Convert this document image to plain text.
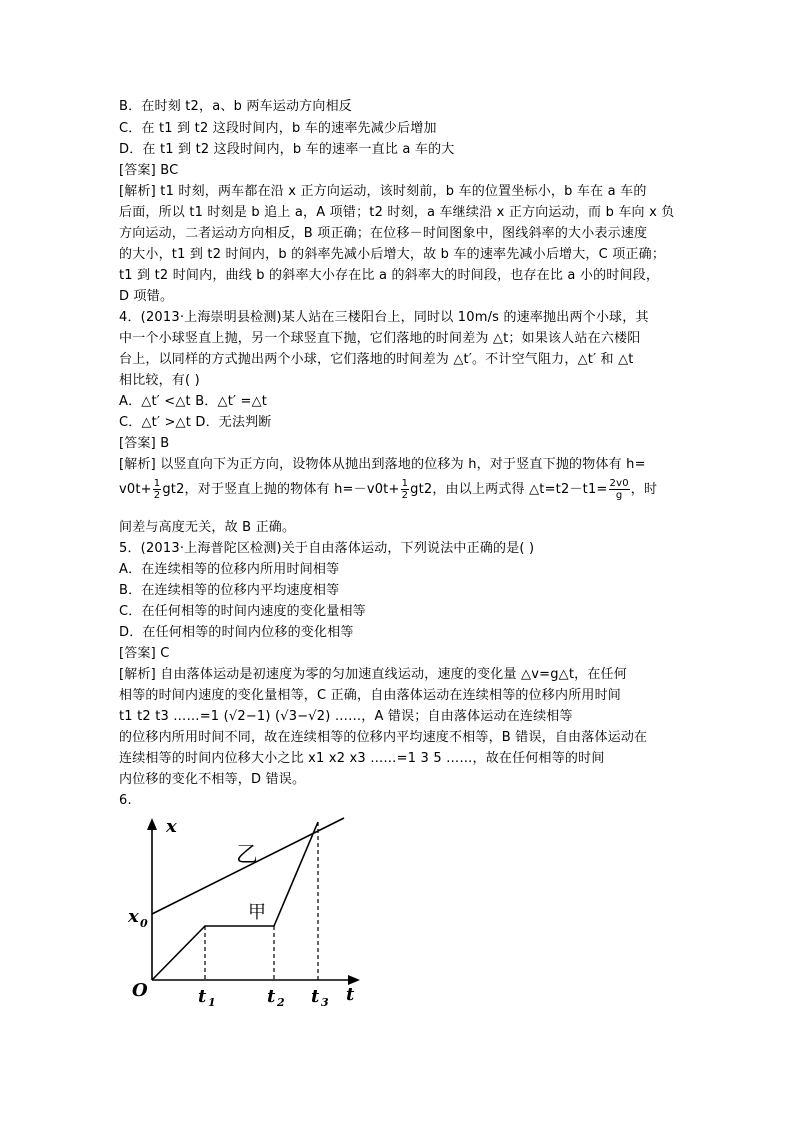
B．在时刻 t2，a、b 两车运动方向相反
C．在 t1 到 t2 这段时间内，b 车的速率先减少后增加
D．在 t1 到 t2 这段时间内，b 车的速率一直比 a 车的大
[答案] BC
[解析] t1 时刻，两车都在沿 x 正方向运动，该时刻前，b 车的位置坐标小，b 车在 a 车的
后面，所以 t1 时刻是 b 追上 a，A 项错；t2 时刻，a 车继续沿 x 正方向运动，而 b 车向 x 负
方向运动，二者运动方向相反，B 项正确；在位移－时间图象中，图线斜率的大小表示速度
的大小，t1 到 t2 时间内，b 的斜率先减小后增大，故 b 车的速率先减小后增大，C 项正确；
t1 到 t2 时间内，曲线 b 的斜率大小存在比 a 的斜率大的时间段，也存在比 a 小的时间段，
D 项错。
4．(2013·上海崇明县检测)某人站在三楼阳台上，同时以 10m/s 的速率抛出两个小球，其
中一个小球竖直上抛，另一个球竖直下抛，它们落地的时间差为 △t；如果该人站在六楼阳
台上，以同样的方式抛出两个小球，它们落地的时间差为 △t′。不计空气阻力，△t′ 和 △t
相比较，有( )
A．△t′ <△t B．△t′ =△t
C．△t′ >△t D．无法判断
[答案] B
[解析] 以竖直向下为正方向，设物体从抛出到落地的位移为 h，对于竖直下抛的物体有 h=
$v0t+ \frac{1}{2} gt2$，对于竖直上抛的物体有 $h=-v0t+ \frac{1}{2} gt2$，由以上两式得 △t=t2－t1= $\frac{2v0}{g}$ ，时
间差与高度无关，故 B 正确。
5．(2013·上海普陀区检测)关于自由落体运动，下列说法中正确的是( )
A．在连续相等的位移内所用时间相等
B．在连续相等的位移内平均速度相等
C．在任何相等的时间内速度的变化量相等
D．在任何相等的时间内位移的变化相等
[答案] C
[解析] 自由落体运动是初速度为零的匀加速直线运动，速度的变化量 △v=g△t，在任何
相等的时间内速度的变化量相等，C 正确，自由落体运动在连续相等的位移内所用时间
t1 t2 t3 ……=1 (√2−1) (√3−√2) ……，A 错误；自由落体运动在连续相等
的位移内所用时间不同，故在连续相等的位移内平均速度不相等，B 错误，自由落体运动在
连续相等的时间内位移大小之比 x1 x2 x3 ……=1 3 5 ……，故在任何相等的时间
内位移的变化不相等，D 错误。
6.
x
O	t
x 0
乙
甲
t 1	t 2 t 3
